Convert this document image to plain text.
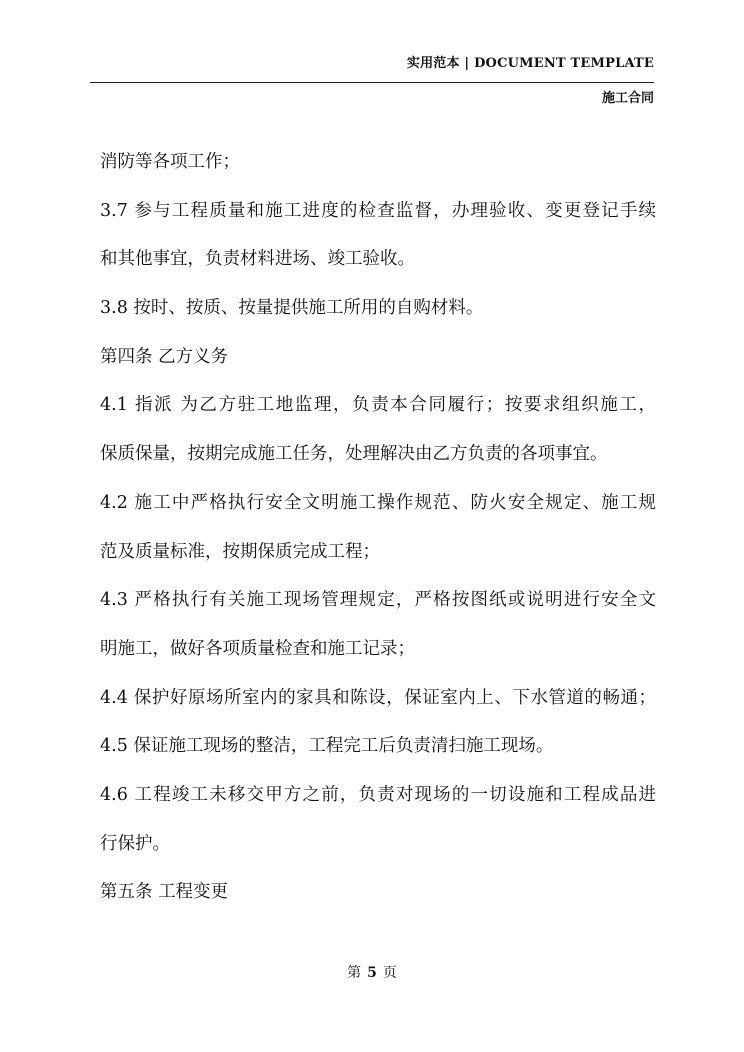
实用范本 | DOCUMENT TEMPLATE
施工合同
消防等各项工作；
3.7 参与工程质量和施工进度的检查监督，办理验收、变更登记手续
和其他事宜，负责材料进场、竣工验收。
3.8 按时、按质、按量提供施工所用的自购材料。
第四条 乙方义务
4.1 指派 为乙方驻工地监理，负责本合同履行；按要求组织施工，
保质保量，按期完成施工任务，处理解决由乙方负责的各项事宜。
4.2 施工中严格执行安全文明施工操作规范、防火安全规定、施工规
范及质量标准，按期保质完成工程；
4.3 严格执行有关施工现场管理规定，严格按图纸或说明进行安全文
明施工，做好各项质量检查和施工记录；
4.4 保护好原场所室内的家具和陈设，保证室内上、下水管道的畅通；
4.5 保证施工现场的整洁，工程完工后负责清扫施工现场。
4.6 工程竣工未移交甲方之前，负责对现场的一切设施和工程成品进
行保护。
第五条 工程变更
第 5 页
